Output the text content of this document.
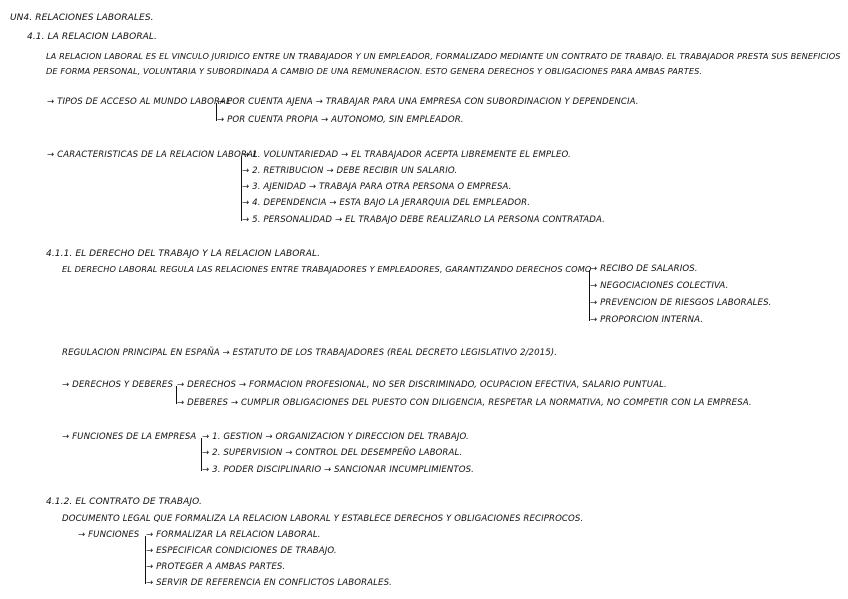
UN4. RELACIONES LABORALES.
4.1. LA RELACION LABORAL.
LA RELACION LABORAL ES EL VINCULO JURIDICO ENTRE UN TRABAJADOR Y UN EMPLEADOR, FORMALIZADO MEDIANTE UN CONTRATO DE TRABAJO. EL TRABAJADOR PRESTA SUS BENEFICIOS
DE FORMA PERSONAL, VOLUNTARIA Y SUBORDINADA A CAMBIO DE UNA REMUNERACION. ESTO GENERA DERECHOS Y OBLIGACIONES PARA AMBAS PARTES.
→ TIPOS DE ACCESO AL MUNDO LABORAL
→ POR CUENTA AJENA → TRABAJAR PARA UNA EMPRESA CON SUBORDINACION Y DEPENDENCIA.
→ POR CUENTA PROPIA → AUTONOMO, SIN EMPLEADOR.
→ CARACTERISTICAS DE LA RELACION LABORAL
→ 1. VOLUNTARIEDAD → EL TRABAJADOR ACEPTA LIBREMENTE EL EMPLEO.
→ 2. RETRIBUCION → DEBE RECIBIR UN SALARIO.
→ 3. AJENIDAD → TRABAJA PARA OTRA PERSONA O EMPRESA.
→ 4. DEPENDENCIA → ESTA BAJO LA JERARQUIA DEL EMPLEADOR.
→ 5. PERSONALIDAD → EL TRABAJO DEBE REALIZARLO LA PERSONA CONTRATADA.
4.1.1. EL DERECHO DEL TRABAJO Y LA RELACION LABORAL.
EL DERECHO LABORAL REGULA LAS RELACIONES ENTRE TRABAJADORES Y EMPLEADORES, GARANTIZANDO DERECHOS COMO
→ RECIBO DE SALARIOS.
→ NEGOCIACIONES COLECTIVA.
→ PREVENCION DE RIESGOS LABORALES.
→ PROPORCION INTERNA.
REGULACION PRINCIPAL EN ESPAÑA → ESTATUTO DE LOS TRABAJADORES (REAL DECRETO LEGISLATIVO 2/2015).
→ DERECHOS Y DEBERES → DERECHOS → FORMACION PROFESIONAL, NO SER DISCRIMINADO, OCUPACION EFECTIVA, SALARIO PUNTUAL.
→ DEBERES → CUMPLIR OBLIGACIONES DEL PUESTO CON DILIGENCIA, RESPETAR LA NORMATIVA, NO COMPETIR CON LA EMPRESA.
→ FUNCIONES DE LA EMPRESA → 1. GESTION → ORGANIZACION Y DIRECCION DEL TRABAJO.
→ 2. SUPERVISION → CONTROL DEL DESEMPEÑO LABORAL.
→ 3. PODER DISCIPLINARIO → SANCIONAR INCUMPLIMIENTOS.
4.1.2. EL CONTRATO DE TRABAJO.
DOCUMENTO LEGAL QUE FORMALIZA LA RELACION LABORAL Y ESTABLECE DERECHOS Y OBLIGACIONES RECIPROCOS.
→ FUNCIONES → FORMALIZAR LA RELACION LABORAL.
→ ESPECIFICAR CONDICIONES DE TRABAJO.
→ PROTEGER A AMBAS PARTES.
→ SERVIR DE REFERENCIA EN CONFLICTOS LABORALES.
